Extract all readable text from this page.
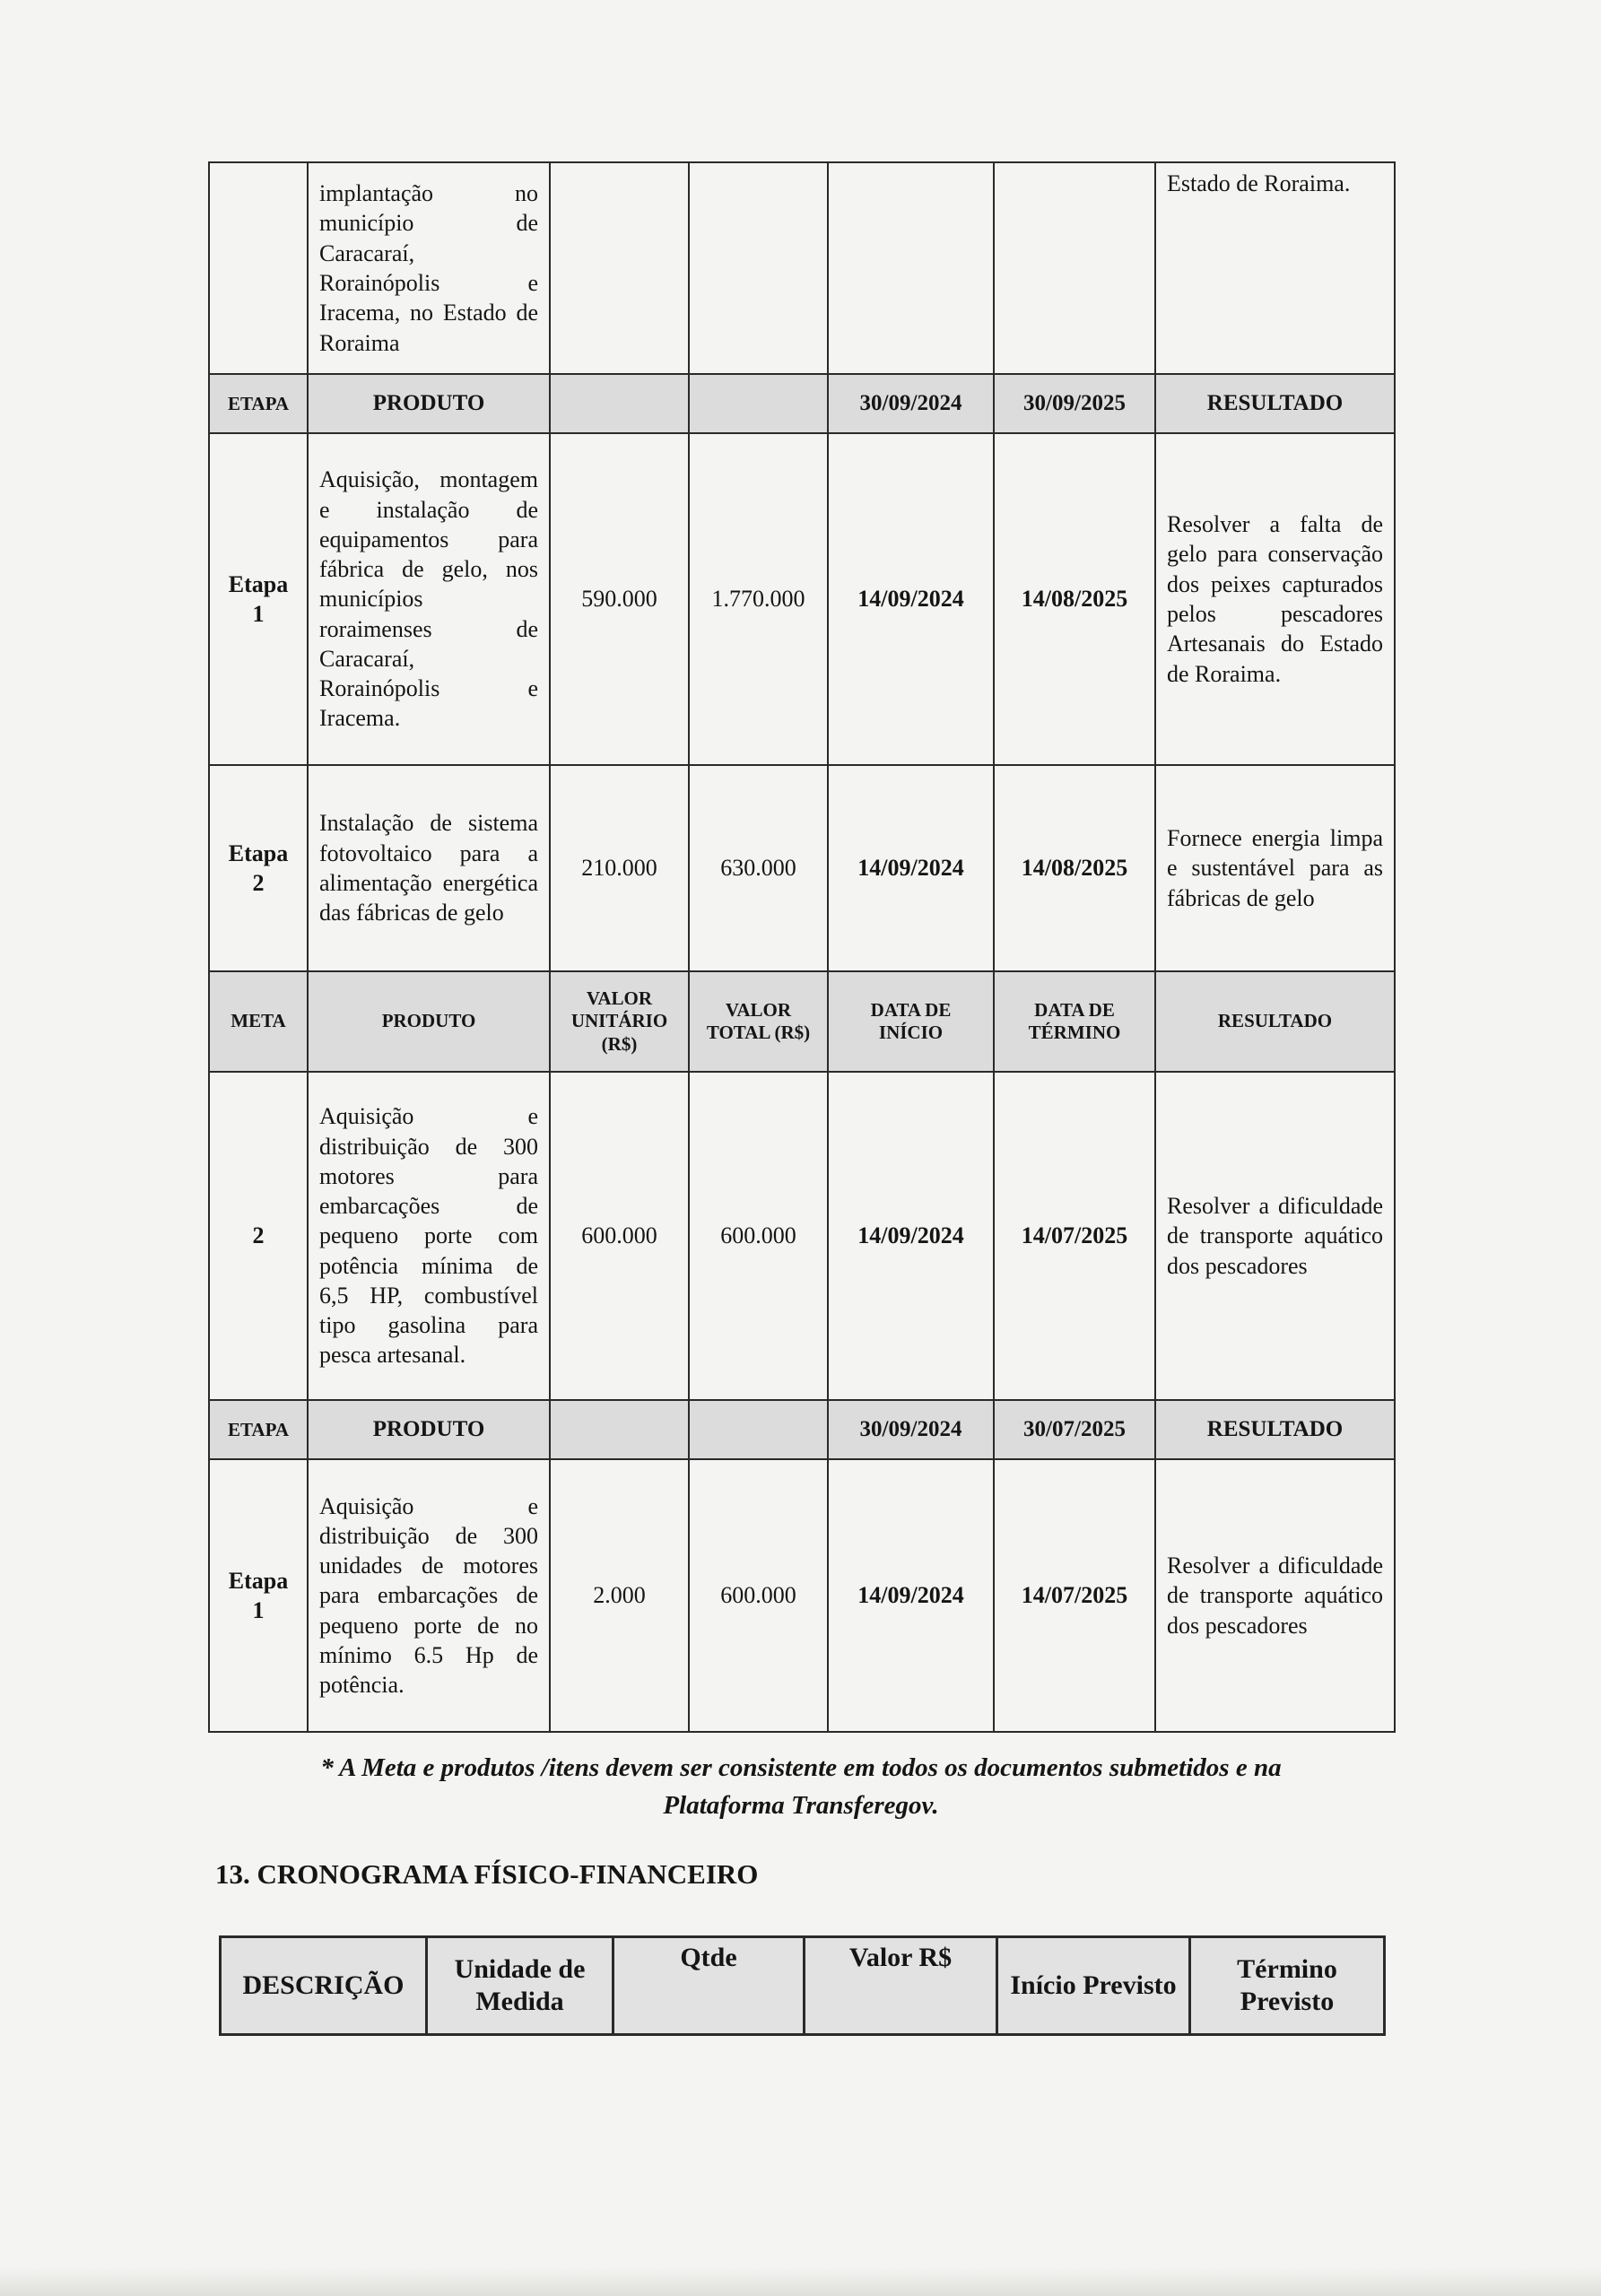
	implantação no município de Caracaraí, Rorainópolis e Iracema, no Estado de Roraima					Estado de Roraima.
ETAPA	PRODUTO			30/09/2024	30/09/2025	RESULTADO
Etapa 1	Aquisição, montagem e instalação de equipamentos para fábrica de gelo, nos municípios roraimenses de Caracaraí, Rorainópolis e Iracema.	590.000	1.770.000	14/09/2024	14/08/2025	Resolver a falta de gelo para conservação dos peixes capturados pelos pescadores Artesanais do Estado de Roraima.
Etapa 2	Instalação de sistema fotovoltaico para a alimentação energética das fábricas de gelo	210.000	630.000	14/09/2024	14/08/2025	Fornece energia limpa e sustentável para as fábricas de gelo
META	PRODUTO	VALOR UNITÁRIO (R$)	VALOR TOTAL (R$)	DATA DE INÍCIO	DATA DE TÉRMINO	RESULTADO
2	Aquisição e distribuição de 300 motores para embarcações de pequeno porte com potência mínima de 6,5 HP, combustível tipo gasolina para pesca artesanal.	600.000	600.000	14/09/2024	14/07/2025	Resolver a dificuldade de transporte aquático dos pescadores
ETAPA	PRODUTO			30/09/2024	30/07/2025	RESULTADO
Etapa 1	Aquisição e distribuição de 300 unidades de motores para embarcações de pequeno porte de no mínimo 6.5 Hp de potência.	2.000	600.000	14/09/2024	14/07/2025	Resolver a dificuldade de transporte aquático dos pescadores
* A Meta e produtos /itens devem ser consistente em todos os documentos submetidos e na
Plataforma Transferegov.
13. CRONOGRAMA FÍSICO-FINANCEIRO
DESCRIÇÃO	Unidade de Medida	Qtde	Valor R$	Início Previsto	Término Previsto
